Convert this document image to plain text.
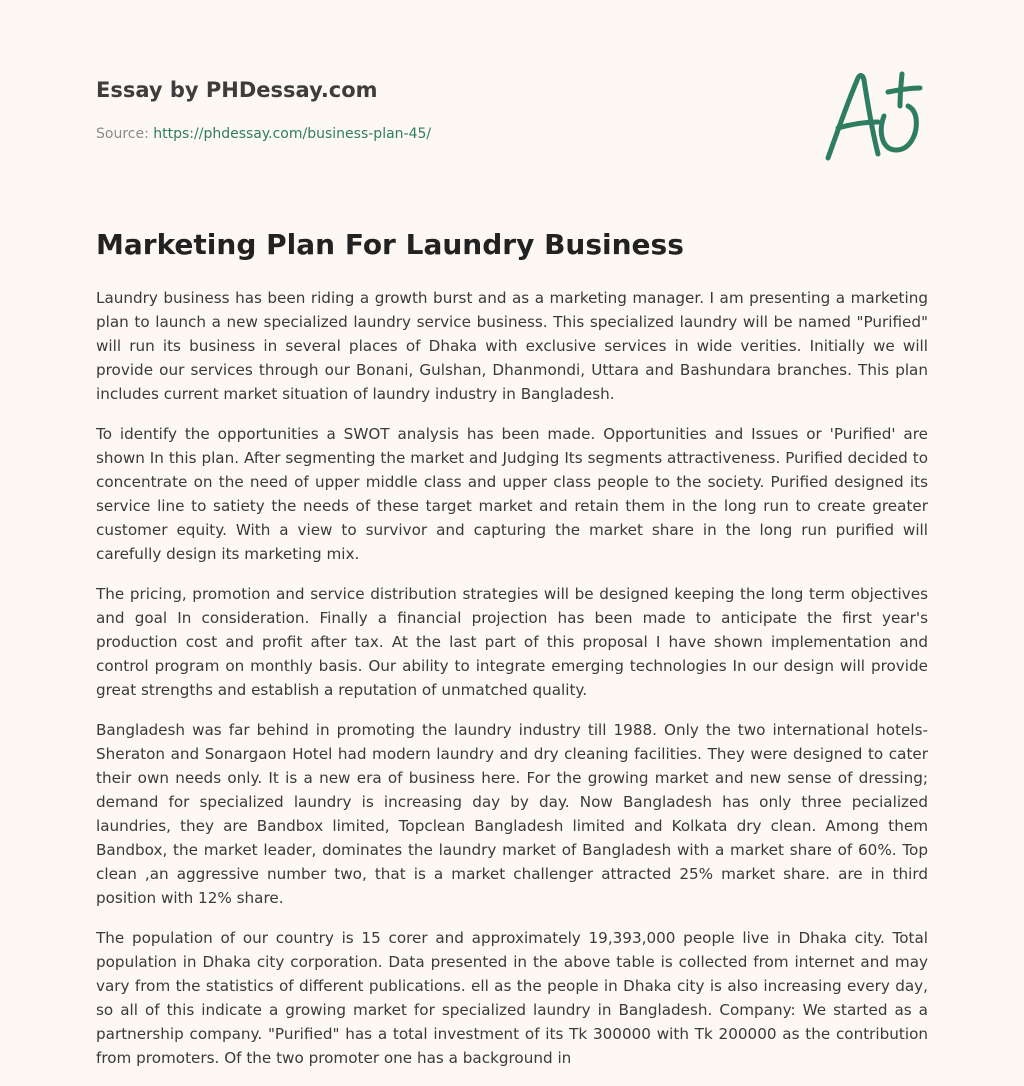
Essay by PHDessay.com
Source: https://phdessay.com/business-plan-45/
Marketing Plan For Laundry Business

Laundry business has been riding a growth burst and as a marketing manager. I am presenting a marketing plan to launch a new specialized laundry service business. This specialized laundry will be named "Purified" will run its business in several places of Dhaka with exclusive services in wide verities. Initially we will provide our services through our Bonani, Gulshan, Dhanmondi, Uttara and Bashundara branches. This plan includes current market situation of laundry industry in Bangladesh.

To identify the opportunities a SWOT analysis has been made. Opportunities and Issues or 'Purified' are shown In this plan. After segmenting the market and Judging Its segments attractiveness. Purified decided to concentrate on the need of upper middle class and upper class people to the society. Purified designed its service line to satiety the needs of these target market and retain them in the long run to create greater customer equity. With a view to survivor and capturing the market share in the long run purified will carefully design its marketing mix.

The pricing, promotion and service distribution strategies will be designed keeping the long term objectives and goal In consideration. Finally a financial projection has been made to anticipate the first year's production cost and profit after tax. At the last part of this proposal I have shown implementation and control program on monthly basis. Our ability to integrate emerging technologies In our design will provide great strengths and establish a reputation of unmatched quality.

Bangladesh was far behind in promoting the laundry industry till 1988. Only the two international hotels- Sheraton and Sonargaon Hotel had modern laundry and dry cleaning facilities. They were designed to cater their own needs only. It is a new era of business here. For the growing market and new sense of dressing; demand for specialized laundry is increasing day by day. Now Bangladesh has only three pecialized laundries, they are Bandbox limited, Topclean Bangladesh limited and Kolkata dry clean. Among them Bandbox, the market leader, dominates the laundry market of Bangladesh with a market share of 60%. Top clean ,an aggressive number two, that is a market challenger attracted 25% market share. are in third position with 12% share.

The population of our country is 15 corer and approximately 19,393,000 people live in Dhaka city. Total population in Dhaka city corporation. Data presented in the above table is collected from internet and may vary from the statistics of different publications. ell as the people in Dhaka city is also increasing every day, so all of this indicate a growing market for specialized laundry in Bangladesh. Company: We started as a partnership company. "Purified" has a total investment of its Tk 300000 with Tk 200000 as the contribution from promoters. Of the two promoter one has a background in
